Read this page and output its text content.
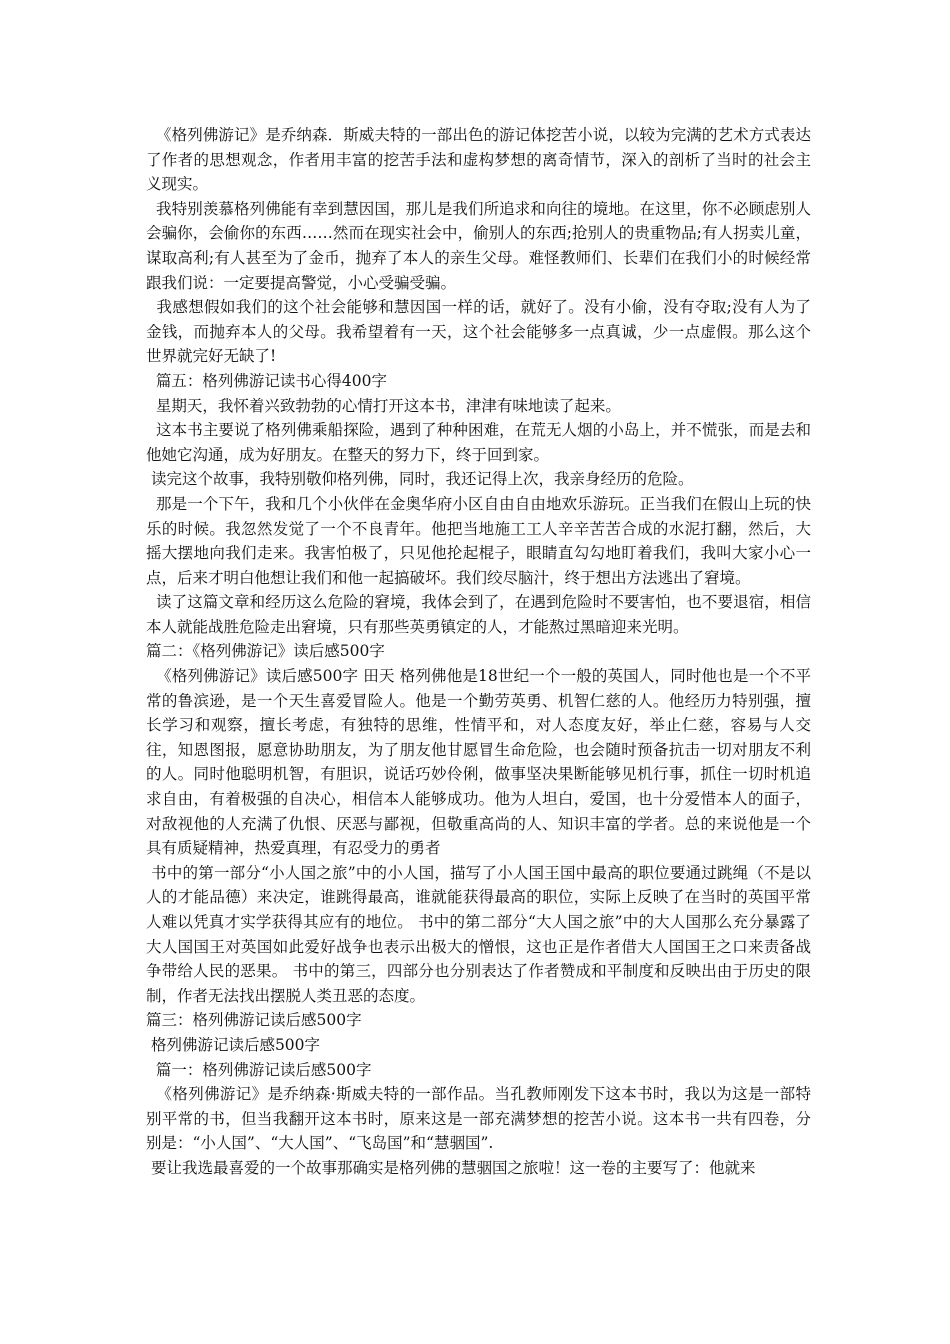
《格列佛游记》是乔纳森．斯威夫特的一部出色的游记体挖苦小说，以较为完满的艺术方式表达了作者的思想观念，作者用丰富的挖苦手法和虚构梦想的离奇情节，深入的剖析了当时的社会主义现实。

我特别羡慕格列佛能有幸到慧因国，那儿是我们所追求和向往的境地。在这里，你不必顾虑别人会骗你，会偷你的东西……然而在现实社会中，偷别人的东西;抢别人的贵重物品;有人拐卖儿童，谋取高利;有人甚至为了金币，抛弃了本人的亲生父母。难怪教师们、长辈们在我们小的时候经常跟我们说：一定要提高警觉，小心受骗受骗。

我感想假如我们的这个社会能够和慧因国一样的话，就好了。没有小偷，没有夺取;没有人为了金钱，而抛弃本人的父母。我希望着有一天，这个社会能够多一点真诚，少一点虚假。那么这个世界就完好无缺了!

篇五：格列佛游记读书心得400字

星期天，我怀着兴致勃勃的心情打开这本书，津津有味地读了起来。

这本书主要说了格列佛乘船探险，遇到了种种困难，在荒无人烟的小岛上，并不慌张，而是去和他她它沟通，成为好朋友。在整天的努力下，终于回到家。

读完这个故事，我特别敬仰格列佛，同时，我还记得上次，我亲身经历的危险。

那是一个下午，我和几个小伙伴在金奥华府小区自由自由地欢乐游玩。正当我们在假山上玩的快乐的时候。我忽然发觉了一个不良青年。他把当地施工工人辛辛苦苦合成的水泥打翻，然后，大摇大摆地向我们走来。我害怕极了，只见他抡起棍子，眼睛直勾勾地盯着我们，我叫大家小心一点，后来才明白他想让我们和他一起搞破坏。我们绞尽脑汁，终于想出方法逃出了窘境。

读了这篇文章和经历这么危险的窘境，我体会到了，在遇到危险时不要害怕，也不要退宿，相信本人就能战胜危险走出窘境，只有那些英勇镇定的人，才能熬过黑暗迎来光明。

篇二：《格列佛游记》读后感500字

《格列佛游记》读后感500字 田天 格列佛他是18世纪一个一般的英国人，同时他也是一个不平常的鲁滨逊，是一个天生喜爱冒险人。他是一个勤劳英勇、机智仁慈的人。他经历力特别强，擅长学习和观察，擅长考虑，有独特的思维，性情平和，对人态度友好，举止仁慈，容易与人交往，知恩图报，愿意协助朋友，为了朋友他甘愿冒生命危险，也会随时预备抗击一切对朋友不利的人。同时他聪明机智，有胆识，说话巧妙伶俐，做事坚决果断能够见机行事，抓住一切时机追求自由，有着极强的自决心，相信本人能够成功。他为人坦白，爱国，也十分爱惜本人的面子，对敌视他的人充满了仇恨、厌恶与鄙视，但敬重高尚的人、知识丰富的学者。总的来说他是一个具有质疑精神，热爱真理，有忍受力的勇者

书中的第一部分“小人国之旅”中的小人国，描写了小人国王国中最高的职位要通过跳绳（不是以人的才能品德）来决定，谁跳得最高，谁就能获得最高的职位，实际上反映了在当时的英国平常人难以凭真才实学获得其应有的地位。 书中的第二部分“大人国之旅”中的大人国那么充分暴露了大人国国王对英国如此爱好战争也表示出极大的憎恨，这也正是作者借大人国国王之口来责备战争带给人民的恶果。 书中的第三，四部分也分别表达了作者赞成和平制度和反映出由于历史的限制，作者无法找出摆脱人类丑恶的态度。

篇三：格列佛游记读后感500字

格列佛游记读后感500字

篇一：格列佛游记读后感500字

《格列佛游记》是乔纳森·斯威夫特的一部作品。当孔教师刚发下这本书时，我以为这是一部特别平常的书，但当我翻开这本书时，原来这是一部充满梦想的挖苦小说。这本书一共有四卷，分别是：“小人国”、“大人国”、“飞岛国”和“慧骃国”.

要让我选最喜爱的一个故事那确实是格列佛的慧骃国之旅啦！这一卷的主要写了：他就来
